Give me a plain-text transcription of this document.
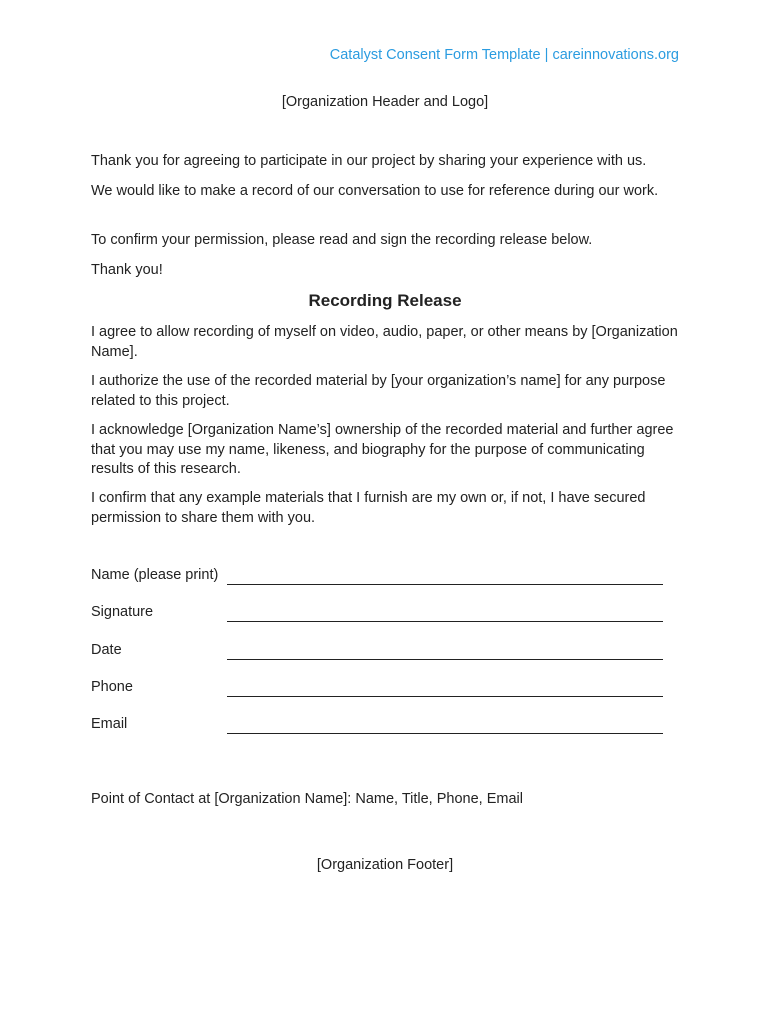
Catalyst Consent Form Template | careinnovations.org
[Organization Header and Logo]

Thank you for agreeing to participate in our project by sharing your experience with us.

We would like to make a record of our conversation to use for reference during our work.

To confirm your permission, please read and sign the recording release below.

Thank you!

Recording Release

I agree to allow recording of myself on video, audio, paper, or other means by [Organization Name].

I authorize the use of the recorded material by [your organization’s name] for any purpose related to this project.

I acknowledge [Organization Name’s] ownership of the recorded material and further agree that you may use my name, likeness, and biography for the purpose of communicating results of this research.

I confirm that any example materials that I furnish are my own or, if not, I have secured permission to share them with you.

Name (please print)
Signature
Date
Phone
Email
Point of Contact at [Organization Name]: Name, Title, Phone, Email
[Organization Footer]
